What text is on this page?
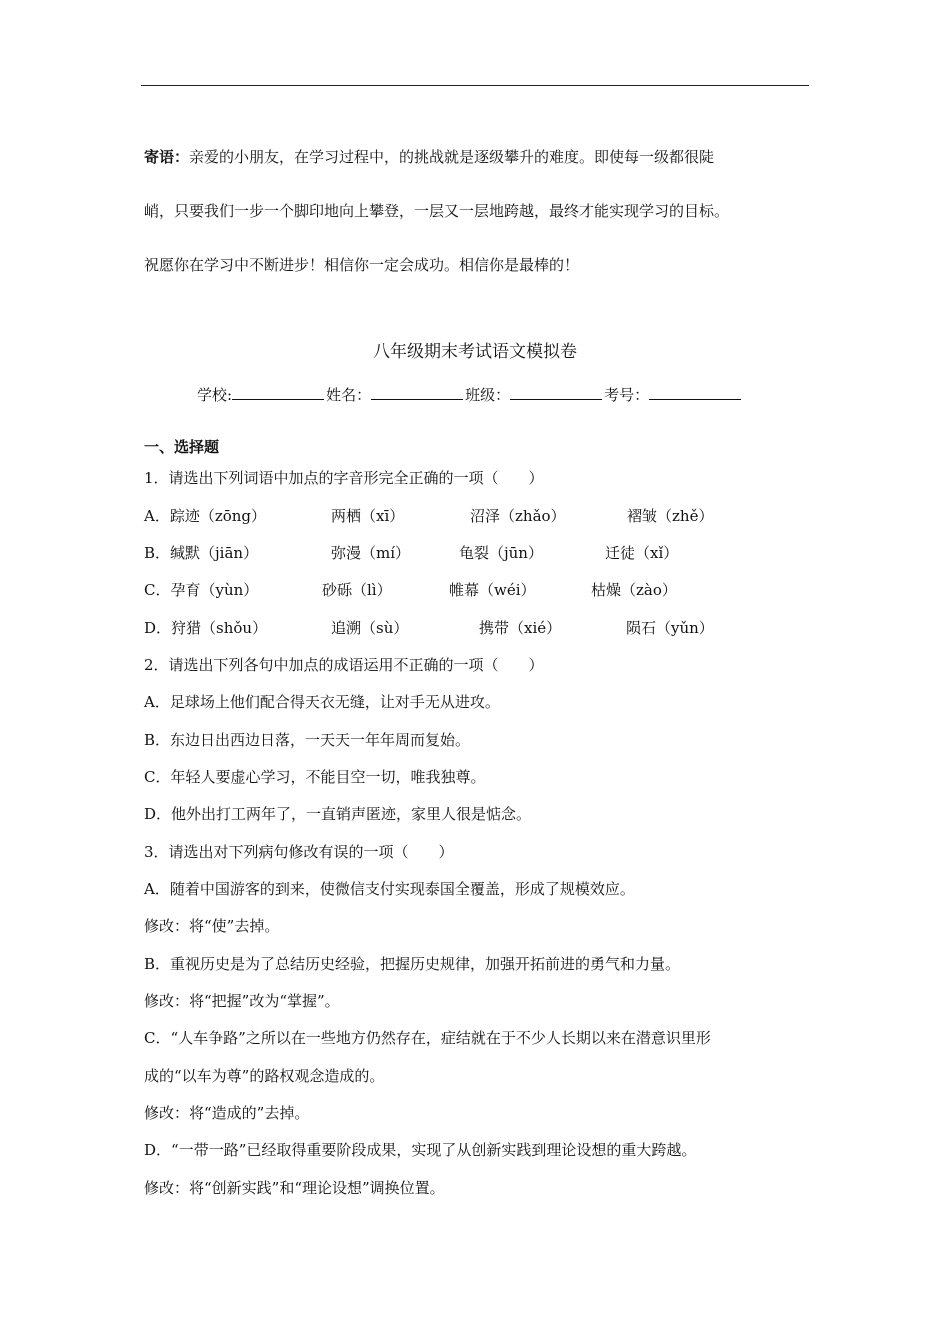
寄语：亲爱的小朋友，在学习过程中，的挑战就是逐级攀升的难度。即使每一级都很陡
峭，只要我们一步一个脚印地向上攀登，一层又一层地跨越，最终才能实现学习的目标。
祝愿你在学习中不断进步！相信你一定会成功。相信你是最棒的！
八年级期末考试语文模拟卷
学校:	姓名：	班级：	考号：
一、选择题
1．请选出下列词语中加点的字音形完全正确的一项（　　）
A．踪迹（zōng）	两栖（xī）	沼泽（zhǎo）	褶皱（zhě）
B．缄默（jiān）	弥漫（mí）	龟裂（jūn）	迁徒（xǐ）
C．孕育（yùn）	砂砾（lì）	帷幕（wéi）	枯燥（zào）
D．狩猎（shǒu）	追溯（sù）	携带（xié）	陨石（yǔn）
2．请选出下列各句中加点的成语运用不正确的一项（　　）
A．足球场上他们配合得天衣无缝，让对手无从进攻。
B．东边日出西边日落，一天天一年年周而复始。
C．年轻人要虚心学习，不能目空一切，唯我独尊。
D．他外出打工两年了，一直销声匿迹，家里人很是惦念。
3．请选出对下列病句修改有误的一项（　　）
A．随着中国游客的到来，使微信支付实现泰国全覆盖，形成了规模效应。
修改：将“使”去掉。
B．重视历史是为了总结历史经验，把握历史规律，加强开拓前进的勇气和力量。
修改：将“把握”改为“掌握”。
C．“人车争路”之所以在一些地方仍然存在，症结就在于不少人长期以来在潜意识里形
成的“以车为尊”的路权观念造成的。
修改：将“造成的”去掉。
D．“一带一路”已经取得重要阶段成果，实现了从创新实践到理论设想的重大跨越。
修改：将“创新实践”和“理论设想”调换位置。
